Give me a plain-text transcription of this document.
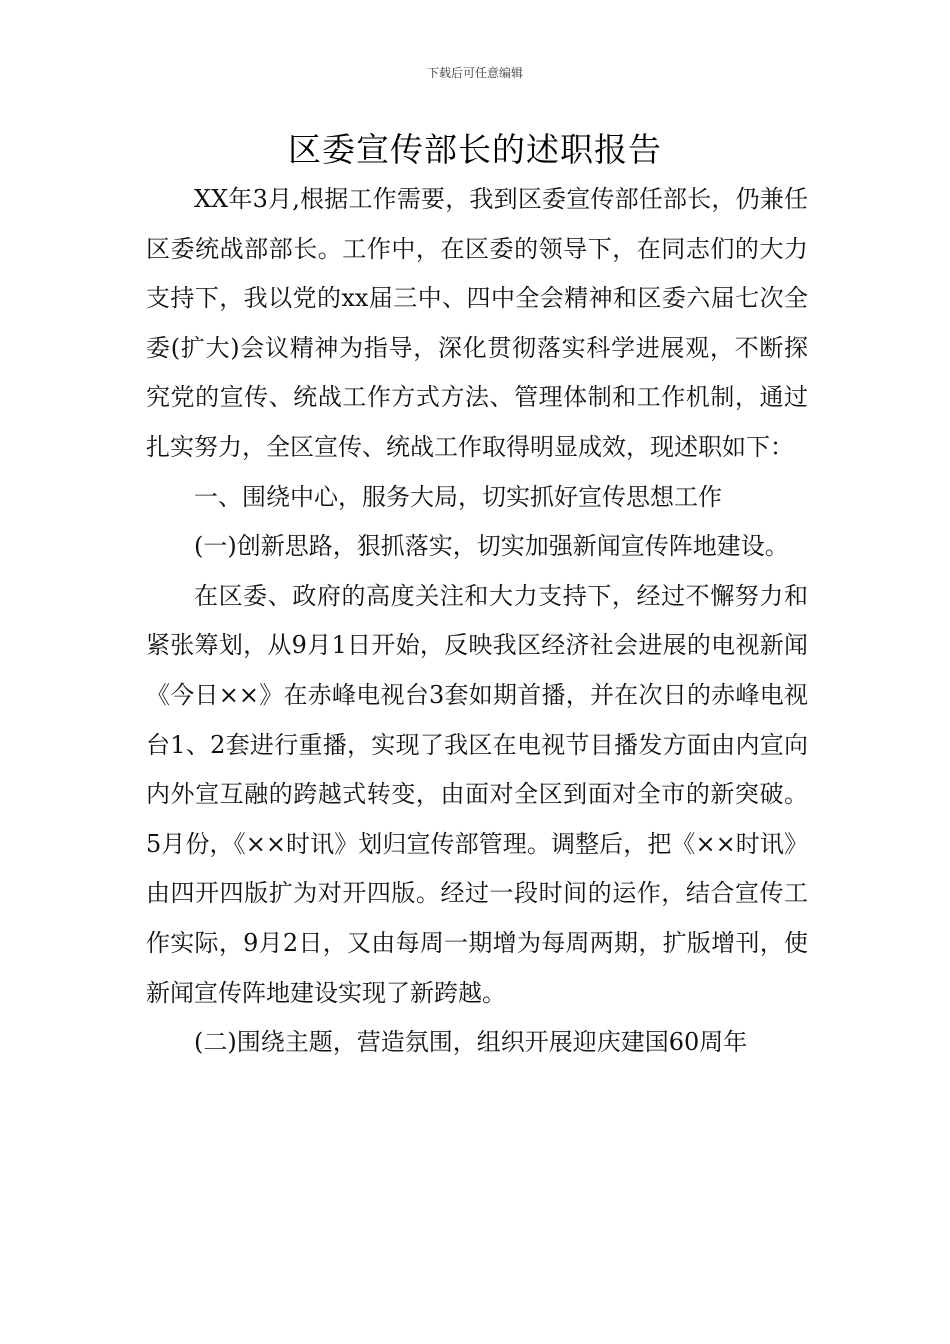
下载后可任意编辑
区委宣传部长的述职报告

XX年3月,根据工作需要，我到区委宣传部任部长，仍兼任区委统战部部长。工作中，在区委的领导下，在同志们的大力支持下，我以党的xx届三中、四中全会精神和区委六届七次全委(扩大)会议精神为指导，深化贯彻落实科学进展观，不断探究党的宣传、统战工作方式方法、管理体制和工作机制，通过扎实努力，全区宣传、统战工作取得明显成效，现述职如下：

一、围绕中心，服务大局，切实抓好宣传思想工作

(一)创新思路，狠抓落实，切实加强新闻宣传阵地建设。

在区委、政府的高度关注和大力支持下，经过不懈努力和紧张筹划，从9月1日开始，反映我区经济社会进展的电视新闻《今日××》在赤峰电视台3套如期首播，并在次日的赤峰电视台1、2套进行重播，实现了我区在电视节目播发方面由内宣向内外宣互融的跨越式转变，由面对全区到面对全市的新突破。5月份，《××时讯》划归宣传部管理。调整后，把《××时讯》由四开四版扩为对开四版。经过一段时间的运作，结合宣传工作实际，9月2日，又由每周一期增为每周两期，扩版增刊，使新闻宣传阵地建设实现了新跨越。

(二)围绕主题，营造氛围，组织开展迎庆建国60周年
